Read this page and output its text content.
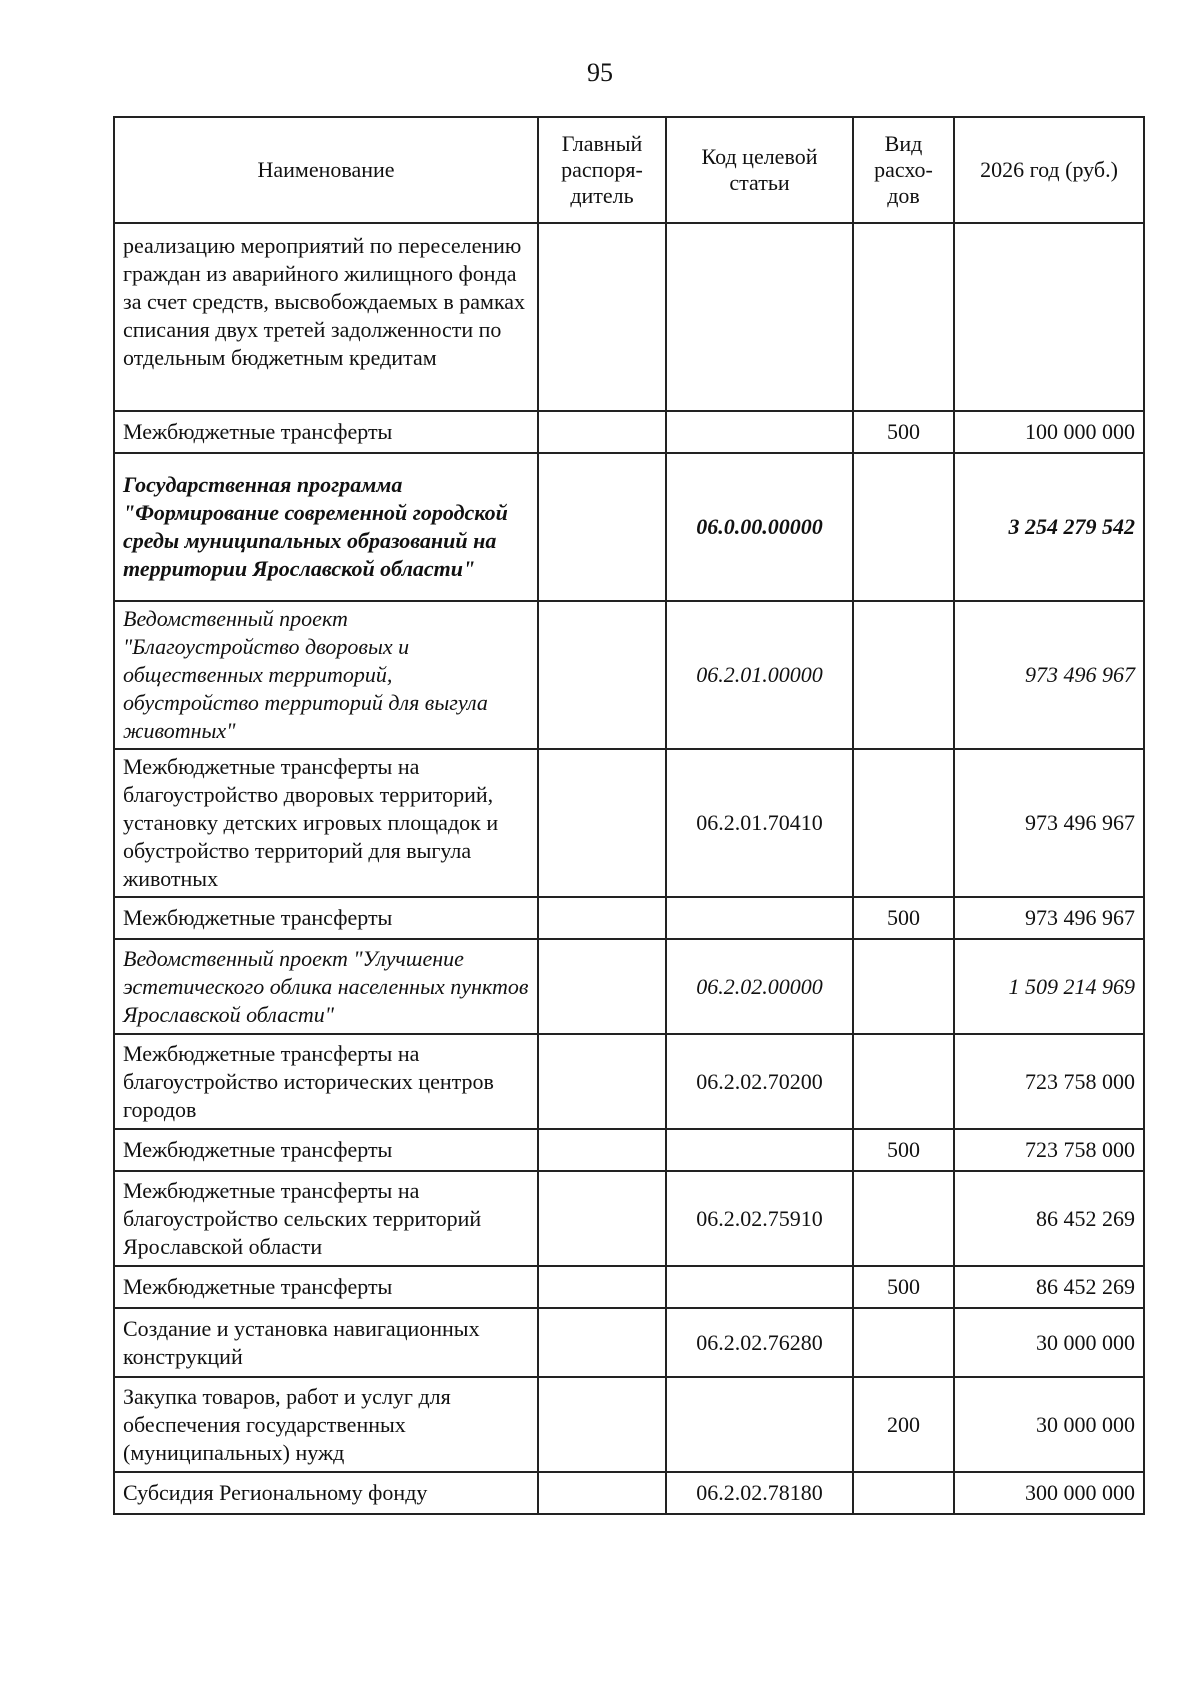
95
Наименование	Главный распоря-дитель	Код целевой статьи	Вид расхо-дов	2026 год (руб.)
реализацию мероприятий по переселению граждан из аварийного жилищного фонда за счет средств, высвобождаемых в рамках списания двух третей задолженности по отдельным бюджетным кредитам				
Межбюджетные трансферты			500	100 000 000
Государственная программа "Формирование современной городской среды муниципальных образований на территории Ярославской области"		06.0.00.00000		3 254 279 542
Ведомственный проект "Благоустройство дворовых и общественных территорий, обустройство территорий для выгула животных"		06.2.01.00000		973 496 967
Межбюджетные трансферты на благоустройство дворовых территорий, установку детских игровых площадок и обустройство территорий для выгула животных		06.2.01.70410		973 496 967
Межбюджетные трансферты			500	973 496 967
Ведомственный проект "Улучшение эстетического облика населенных пунктов Ярославской области"		06.2.02.00000		1 509 214 969
Межбюджетные трансферты на благоустройство исторических центров городов		06.2.02.70200		723 758 000
Межбюджетные трансферты			500	723 758 000
Межбюджетные трансферты на благоустройство сельских территорий Ярославской области		06.2.02.75910		86 452 269
Межбюджетные трансферты			500	86 452 269
Создание и установка навигационных конструкций		06.2.02.76280		30 000 000
Закупка товаров, работ и услуг для обеспечения государственных (муниципальных) нужд			200	30 000 000
Субсидия Региональному фонду		06.2.02.78180		300 000 000
